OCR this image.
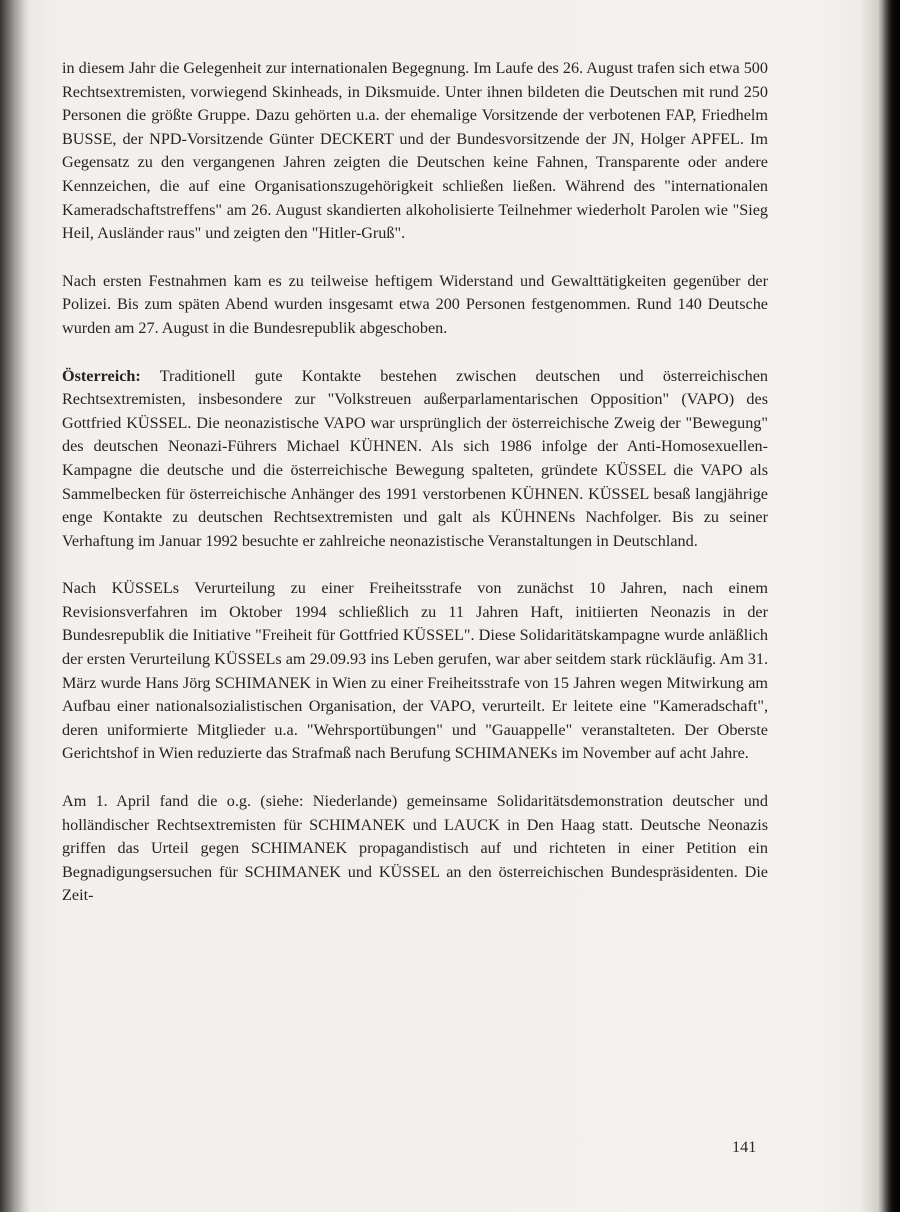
in diesem Jahr die Gelegenheit zur internationalen Begegnung. Im Laufe des 26. August trafen sich etwa 500 Rechtsextremisten, vorwiegend Skinheads, in Diksmuide. Unter ihnen bildeten die Deutschen mit rund 250 Personen die größte Gruppe. Dazu gehörten u.a. der ehemalige Vorsitzende der verbotenen FAP, Friedhelm BUSSE, der NPD-Vorsitzende Günter DECKERT und der Bundesvorsitzende der JN, Holger APFEL. Im Gegensatz zu den vergangenen Jahren zeigten die Deutschen keine Fahnen, Transparente oder andere Kennzeichen, die auf eine Organisationszugehörigkeit schließen ließen. Während des "internationalen Kameradschaftstreffens" am 26. August skandierten alkoholisierte Teilnehmer wiederholt Parolen wie "Sieg Heil, Ausländer raus" und zeigten den "Hitler-Gruß".

Nach ersten Festnahmen kam es zu teilweise heftigem Widerstand und Gewalttätigkeiten gegenüber der Polizei. Bis zum späten Abend wurden insgesamt etwa 200 Personen festgenommen. Rund 140 Deutsche wurden am 27. August in die Bundesrepublik abgeschoben.

Österreich: Traditionell gute Kontakte bestehen zwischen deutschen und österreichischen Rechtsextremisten, insbesondere zur "Volkstreuen außerparlamentarischen Opposition" (VAPO) des Gottfried KÜSSEL. Die neonazistische VAPO war ursprünglich der österreichische Zweig der "Bewegung" des deutschen Neonazi-Führers Michael KÜHNEN. Als sich 1986 infolge der Anti-Homosexuellen-Kampagne die deutsche und die österreichische Bewegung spalteten, gründete KÜSSEL die VAPO als Sammelbecken für österreichische Anhänger des 1991 verstorbenen KÜHNEN. KÜSSEL besaß langjährige enge Kontakte zu deutschen Rechtsextremisten und galt als KÜHNENs Nachfolger. Bis zu seiner Verhaftung im Januar 1992 besuchte er zahlreiche neonazistische Veranstaltungen in Deutschland.

Nach KÜSSELs Verurteilung zu einer Freiheitsstrafe von zunächst 10 Jahren, nach einem Revisionsverfahren im Oktober 1994 schließlich zu 11 Jahren Haft, initiierten Neonazis in der Bundesrepublik die Initiative "Freiheit für Gottfried KÜSSEL". Diese Solidaritätskampagne wurde anläßlich der ersten Verurteilung KÜSSELs am 29.09.93 ins Leben gerufen, war aber seitdem stark rückläufig. Am 31. März wurde Hans Jörg SCHIMANEK in Wien zu einer Freiheitsstrafe von 15 Jahren wegen Mitwirkung am Aufbau einer nationalsozialistischen Organisation, der VAPO, verurteilt. Er leitete eine "Kameradschaft", deren uniformierte Mitglieder u.a. "Wehrsportübungen" und "Gauappelle" veranstalteten. Der Oberste Gerichtshof in Wien reduzierte das Strafmaß nach Berufung SCHIMANEKs im November auf acht Jahre.

Am 1. April fand die o.g. (siehe: Niederlande) gemeinsame Solidaritätsdemonstration deutscher und holländischer Rechtsextremisten für SCHIMANEK und LAUCK in Den Haag statt. Deutsche Neonazis griffen das Urteil gegen SCHIMANEK propagandistisch auf und richteten in einer Petition ein Begnadigungsersuchen für SCHIMANEK und KÜSSEL an den österreichischen Bundespräsidenten. Die Zeit-

141
